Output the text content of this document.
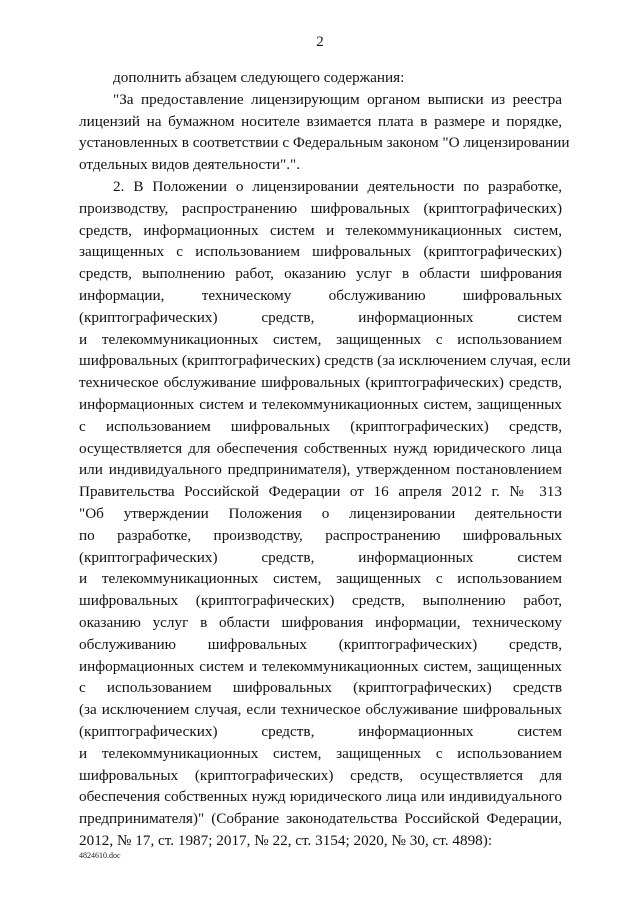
2
дополнить абзацем следующего содержания:
"За предоставление лицензирующим органом выписки из реестра
лицензий на бумажном носителе взимается плата в размере и порядке,
установленных в соответствии с Федеральным законом "О лицензировании
отдельных видов деятельности".".
2. В Положении о лицензировании деятельности по разработке,
производству, распространению шифровальных (криптографических)
средств, информационных систем и телекоммуникационных систем,
защищенных с использованием шифровальных (криптографических)
средств, выполнению работ, оказанию услуг в области шифрования
информации, техническому обслуживанию шифровальных
(криптографических) средств, информационных систем
и телекоммуникационных систем, защищенных с использованием
шифровальных (криптографических) средств (за исключением случая, если
техническое обслуживание шифровальных (криптографических) средств,
информационных систем и телекоммуникационных систем, защищенных
с использованием шифровальных (криптографических) средств,
осуществляется для обеспечения собственных нужд юридического лица
или индивидуального предпринимателя), утвержденном постановлением
Правительства Российской Федерации от 16 апреля 2012 г. № 313
"Об утверждении Положения о лицензировании деятельности
по разработке, производству, распространению шифровальных
(криптографических) средств, информационных систем
и телекоммуникационных систем, защищенных с использованием
шифровальных (криптографических) средств, выполнению работ,
оказанию услуг в области шифрования информации, техническому
обслуживанию шифровальных (криптографических) средств,
информационных систем и телекоммуникационных систем, защищенных
с использованием шифровальных (криптографических) средств
(за исключением случая, если техническое обслуживание шифровальных
(криптографических) средств, информационных систем
и телекоммуникационных систем, защищенных с использованием
шифровальных (криптографических) средств, осуществляется для
обеспечения собственных нужд юридического лица или индивидуального
предпринимателя)" (Собрание законодательства Российской Федерации,
2012, № 17, ст. 1987; 2017, № 22, ст. 3154; 2020, № 30, ст. 4898):
4824610.doc
